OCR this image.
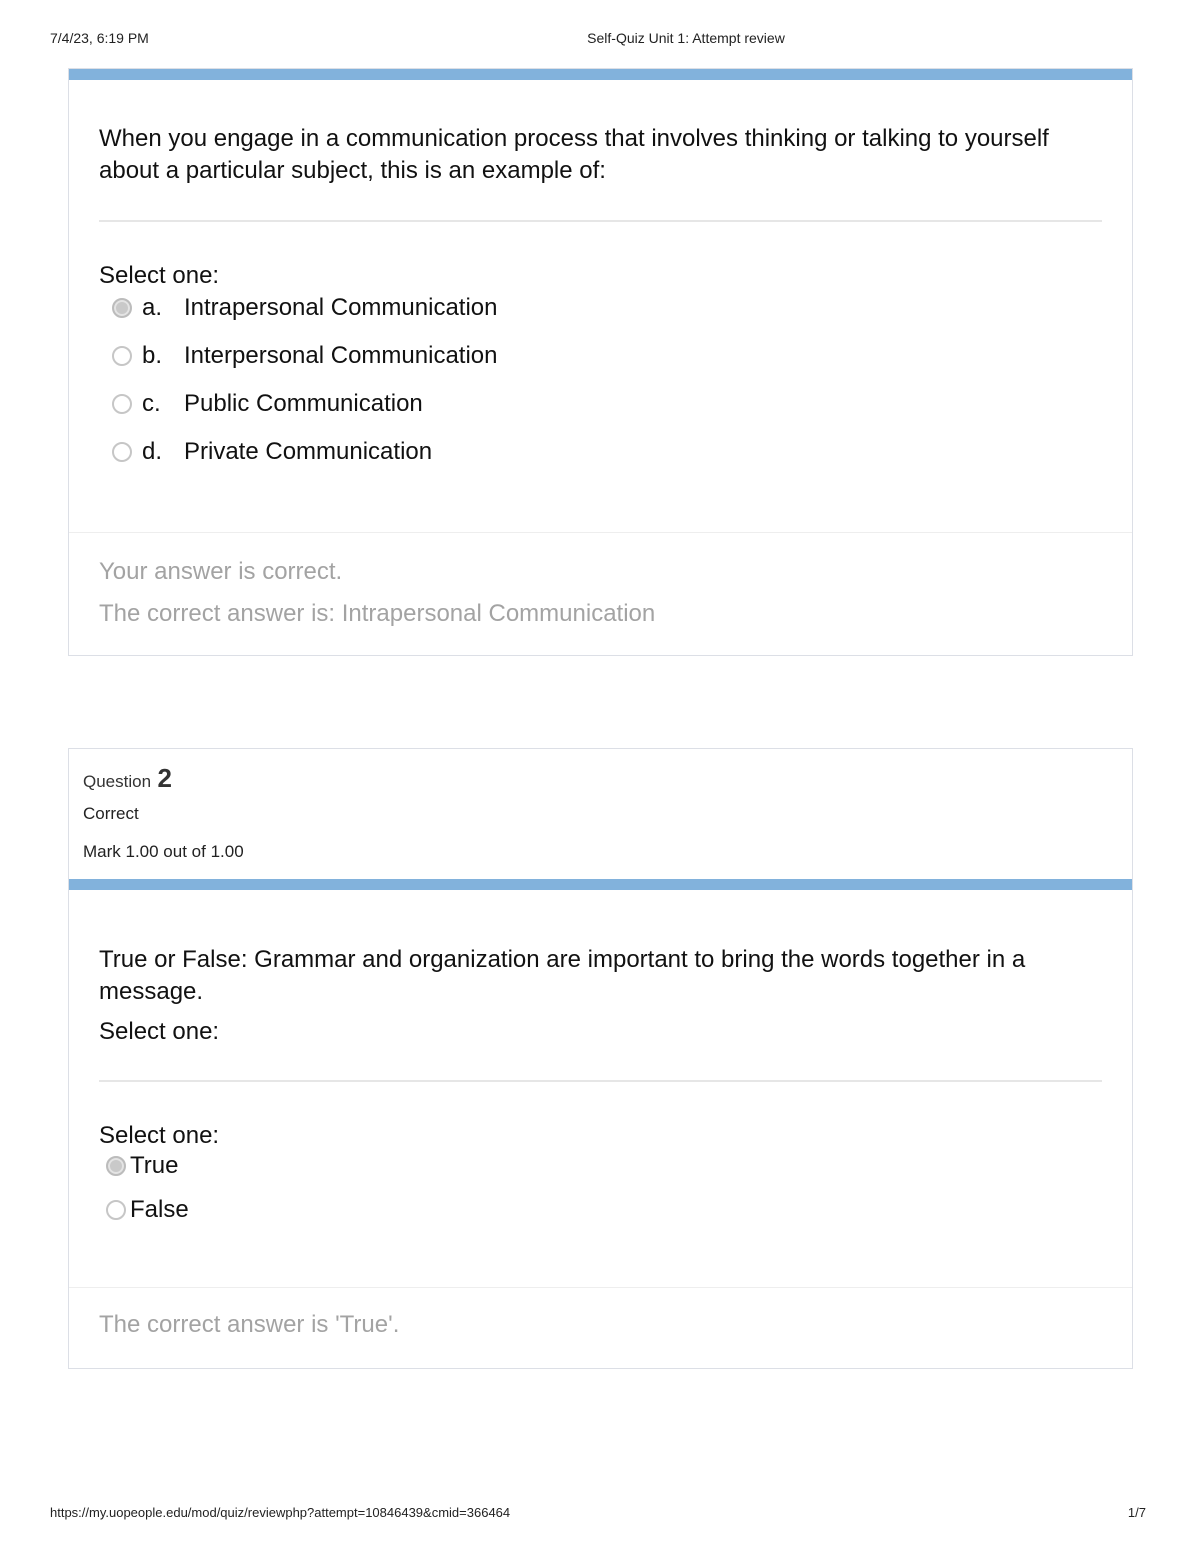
7/4/23, 6:19 PM	Self-Quiz Unit 1: Attempt review
When you engage in a communication process that involves thinking or talking to yourself about a particular subject, this is an example of:
Select one:
a. Intrapersonal Communication
b. Interpersonal Communication
c. Public Communication
d. Private Communication
Your answer is correct.
The correct answer is: Intrapersonal Communication
Question 2
Correct
Mark 1.00 out of 1.00
True or False: Grammar and organization are important to bring the words together in a message.
Select one:
Select one:
True
False
The correct answer is 'True'.
https://my.uopeople.edu/mod/quiz/reviewphp?attempt=10846439&cmid=366464	1/7
